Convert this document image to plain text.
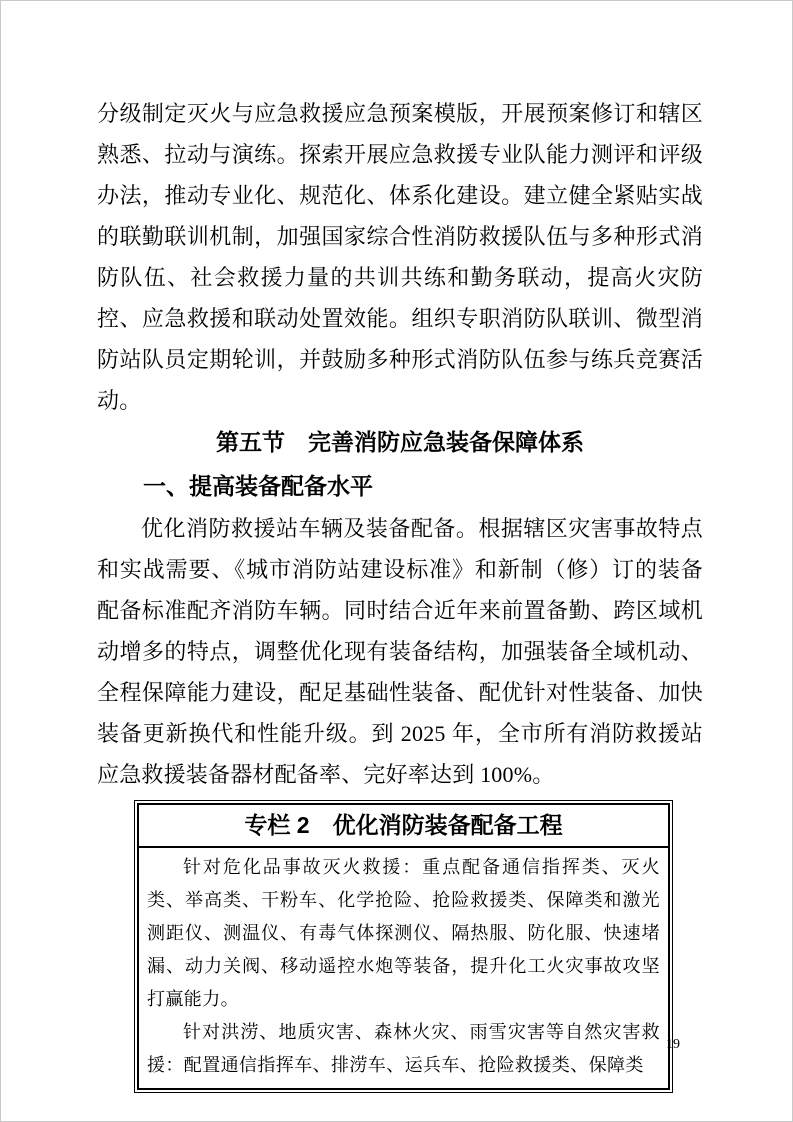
分级制定灭火与应急救援应急预案模版，开展预案修订和辖区熟悉、拉动与演练。探索开展应急救援专业队能力测评和评级办法，推动专业化、规范化、体系化建设。建立健全紧贴实战的联勤联训机制，加强国家综合性消防救援队伍与多种形式消防队伍、社会救援力量的共训共练和勤务联动，提高火灾防控、应急救援和联动处置效能。组织专职消防队联训、微型消防站队员定期轮训，并鼓励多种形式消防队伍参与练兵竞赛活动。

第五节　完善消防应急装备保障体系
一、提高装备配备水平

优化消防救援站车辆及装备配备。根据辖区灾害事故特点和实战需要、《城市消防站建设标准》和新制（修）订的装备配备标准配齐消防车辆。同时结合近年来前置备勤、跨区域机动增多的特点，调整优化现有装备结构，加强装备全域机动、全程保障能力建设，配足基础性装备、配优针对性装备、加快装备更新换代和性能升级。到 2025 年，全市所有消防救援站应急救援装备器材配备率、完好率达到 100%。

专栏 2　优化消防装备配备工程

针对危化品事故灭火救援：重点配备通信指挥类、灭火类、举高类、干粉车、化学抢险、抢险救援类、保障类和激光测距仪、测温仪、有毒气体探测仪、隔热服、防化服、快速堵漏、动力关阀、移动遥控水炮等装备，提升化工火灾事故攻坚打赢能力。

针对洪涝、地质灾害、森林火灾、雨雪灾害等自然灾害救援：配置通信指挥车、排涝车、运兵车、抢险救援类、保障类

19
